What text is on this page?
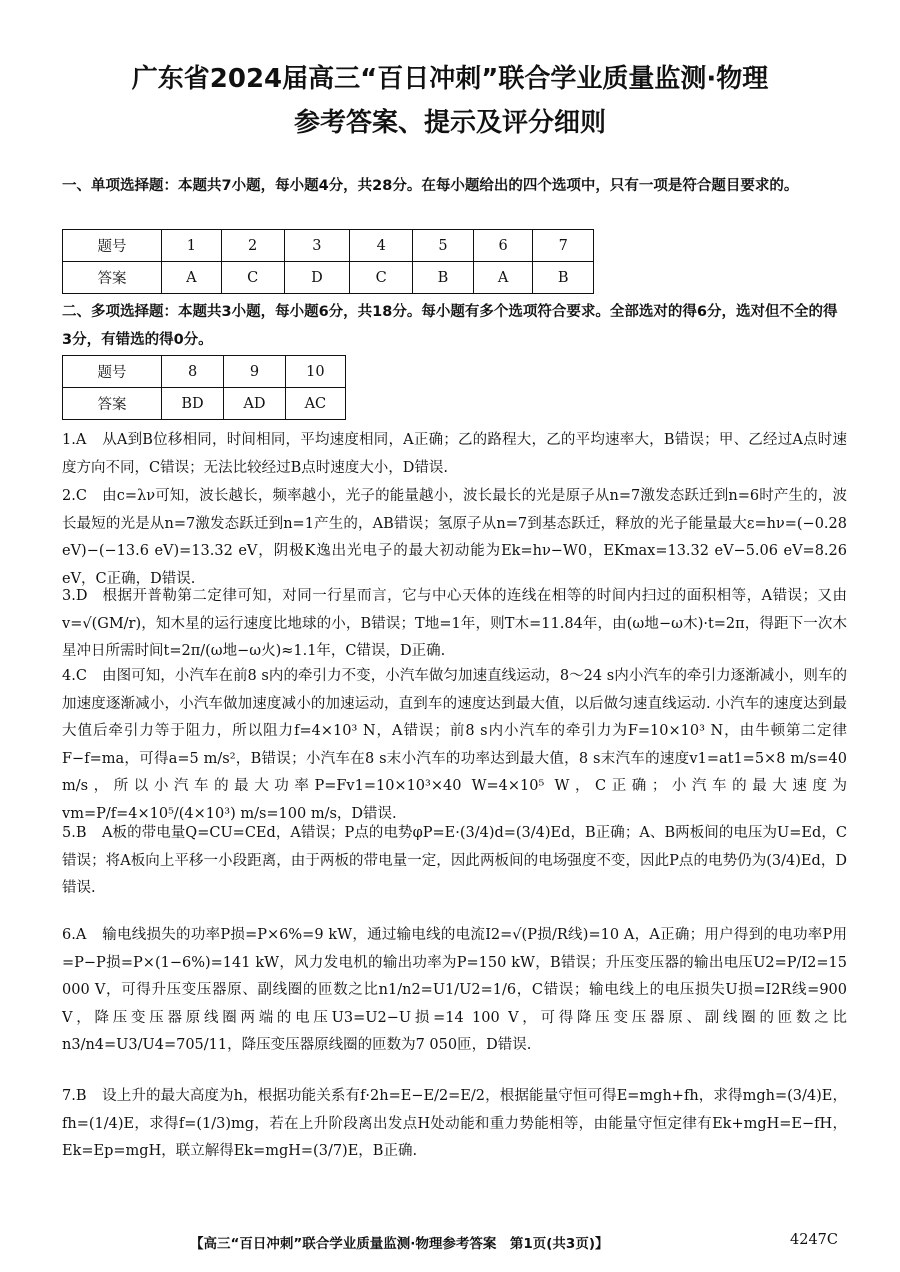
广东省2024届高三“百日冲刺”联合学业质量监测·物理
参考答案、提示及评分细则
一、单项选择题：本题共7小题，每小题4分，共28分。在每小题给出的四个选项中，只有一项是符合题目要求的。
题号	1	2	3	4	5	6	7
答案	A	C	D	C	B	A	B
二、多项选择题：本题共3小题，每小题6分，共18分。每小题有多个选项符合要求。全部选对的得6分，选对但不全的得3分，有错选的得0分。
题号	8	9	10
答案	BD	AD	AC

1.A 从A到B位移相同，时间相同，平均速度相同，A正确；乙的路程大，乙的平均速率大，B错误；甲、乙经过A点时速度方向不同，C错误；无法比较经过B点时速度大小，D错误.

2.C 由c=λν可知，波长越长，频率越小，光子的能量越小，波长最长的光是原子从n=7激发态跃迁到n=6时产生的，波长最短的光是从n=7激发态跃迁到n=1产生的，AB错误；氢原子从n=7到基态跃迁，释放的光子能量最大ε=hν=(−0.28 eV)−(−13.6 eV)=13.32 eV，阴极K逸出光电子的最大初动能为Ek=hν−W0，EKmax=13.32 eV−5.06 eV=8.26 eV，C正确，D错误.

3.D 根据开普勒第二定律可知，对同一行星而言，它与中心天体的连线在相等的时间内扫过的面积相等，A错误；又由v=√(GM/r)，知木星的运行速度比地球的小，B错误；T地=1年，则T木=11.84年，由(ω地−ω木)·t=2π，得距下一次木星冲日所需时间t=2π/(ω地−ω火)≈1.1年，C错误，D正确.

4.C 由图可知，小汽车在前8 s内的牵引力不变，小汽车做匀加速直线运动，8～24 s内小汽车的牵引力逐渐减小，则车的加速度逐渐减小，小汽车做加速度减小的加速运动，直到车的速度达到最大值，以后做匀速直线运动. 小汽车的速度达到最大值后牵引力等于阻力，所以阻力f=4×10³ N，A错误；前8 s内小汽车的牵引力为F=10×10³ N，由牛顿第二定律F−f=ma，可得a=5 m/s²，B错误；小汽车在8 s末小汽车的功率达到最大值，8 s末汽车的速度v1=at1=5×8 m/s=40 m/s，所以小汽车的最大功率P=Fv1=10×10³×40 W=4×10⁵ W，C正确；小汽车的最大速度为vm=P/f=4×10⁵/(4×10³) m/s=100 m/s，D错误.

5.B A板的带电量Q=CU=CEd，A错误；P点的电势φP=E·(3/4)d=(3/4)Ed，B正确；A、B两板间的电压为U=Ed，C错误；将A板向上平移一小段距离，由于两板的带电量一定，因此两板间的电场强度不变，因此P点的电势仍为(3/4)Ed，D错误.

6.A 输电线损失的功率P损=P×6%=9 kW，通过输电线的电流I2=√(P损/R线)=10 A，A正确；用户得到的电功率P用=P−P损=P×(1−6%)=141 kW，风力发电机的输出功率为P=150 kW，B错误；升压变压器的输出电压U2=P/I2=15 000 V，可得升压变压器原、副线圈的匝数之比n1/n2=U1/U2=1/6，C错误；输电线上的电压损失U损=I2R线=900 V，降压变压器原线圈两端的电压U3=U2−U损=14 100 V，可得降压变压器原、副线圈的匝数之比n3/n4=U3/U4=705/11，降压变压器原线圈的匝数为7 050匝，D错误.

7.B 设上升的最大高度为h，根据功能关系有f·2h=E−E/2=E/2，根据能量守恒可得E=mgh+fh，求得mgh=(3/4)E，fh=(1/4)E，求得f=(1/3)mg，若在上升阶段离出发点H处动能和重力势能相等，由能量守恒定律有Ek+mgH=E−fH，Ek=Ep=mgH，联立解得Ek=mgH=(3/7)E，B正确.

【高三“百日冲刺”联合学业质量监测·物理参考答案　第1页(共3页)】	4247C
